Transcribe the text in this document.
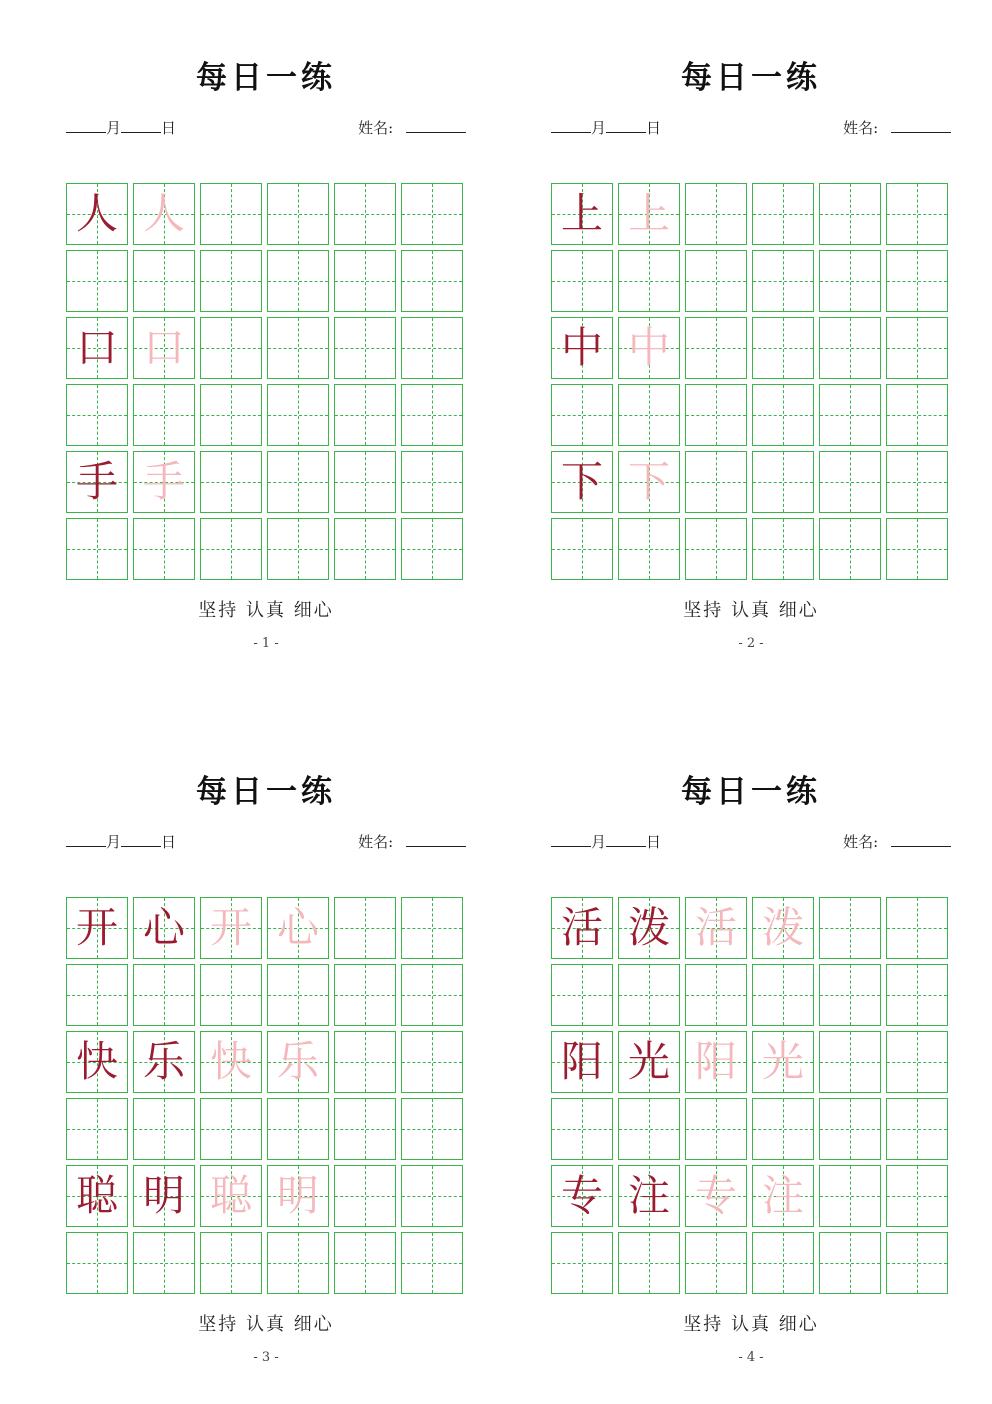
每日一练
月	日	姓名:
人 人
口 口
手 手
坚持 认真 细心
- 1 -
每日一练
月	日	姓名:
上 上
中 中
下 下
坚持 认真 细心
- 2 -
每日一练
月	日	姓名:
开 心 开 心
快 乐 快 乐
聪 明 聪 明
坚持 认真 细心
- 3 -
每日一练
月	日	姓名:
活 泼 活 泼
阳 光 阳 光
专 注 专 注
坚持 认真 细心
- 4 -
